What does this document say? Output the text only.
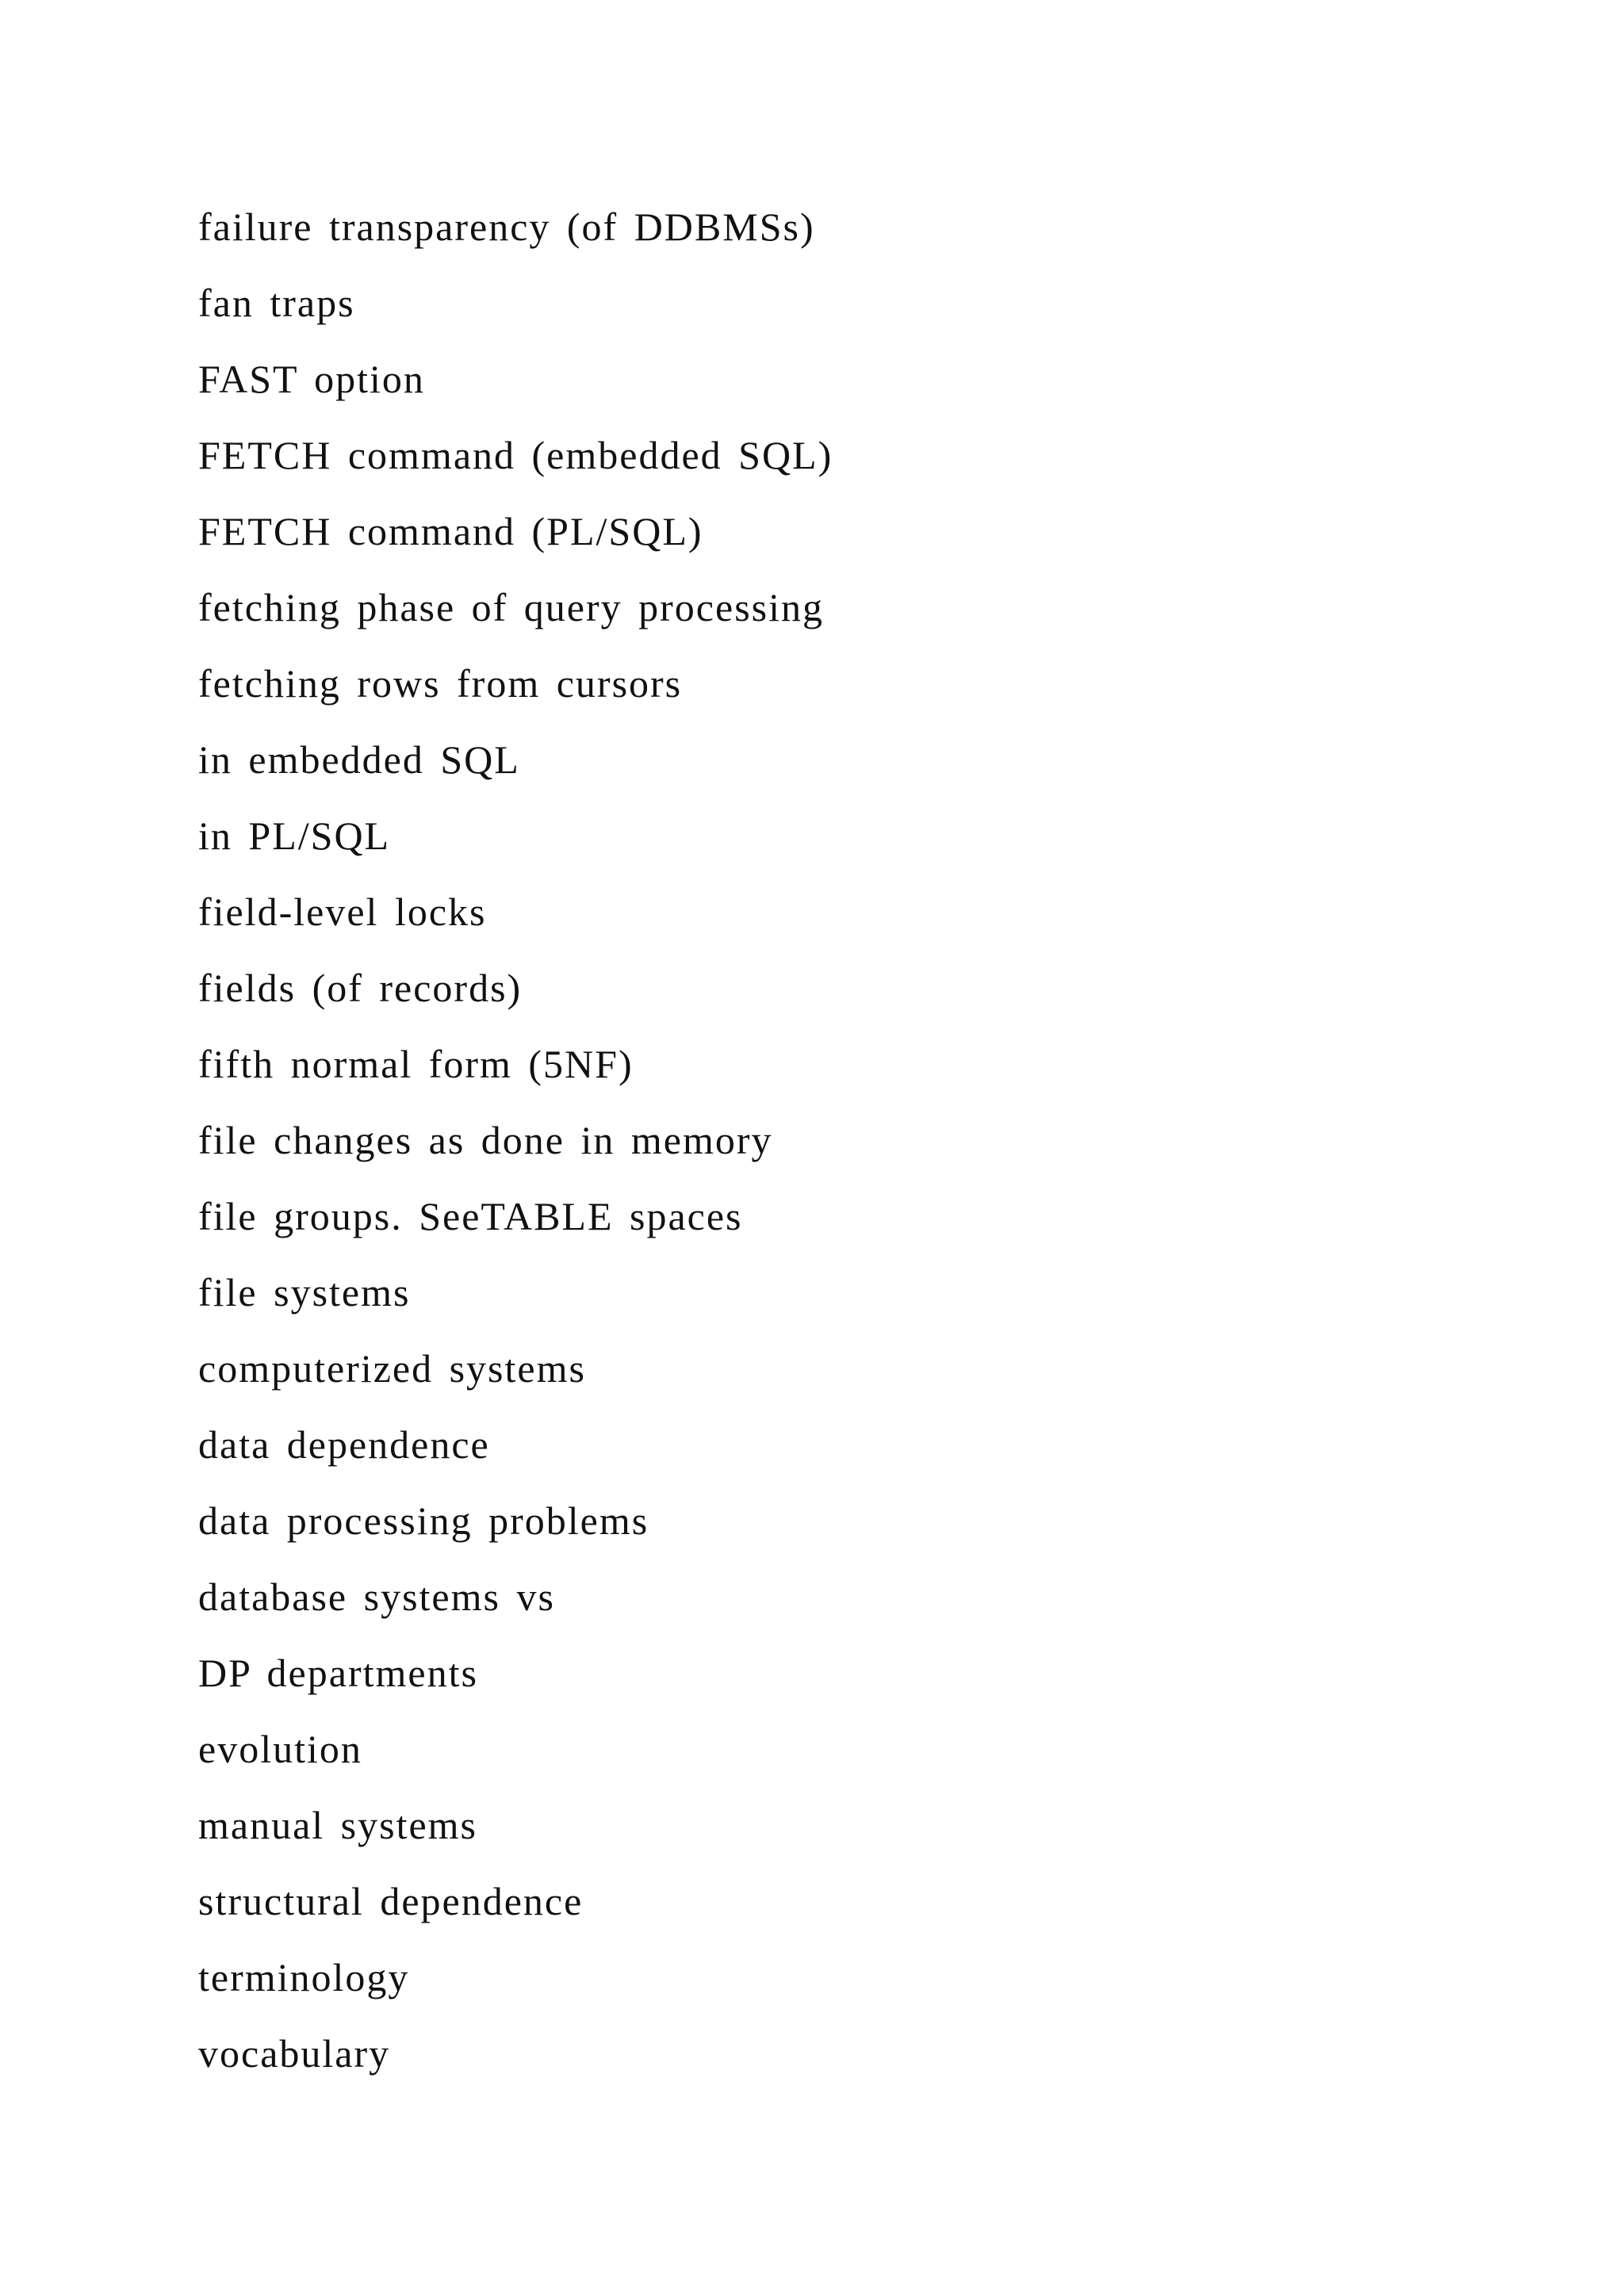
failure transparency (of DDBMSs)
fan traps
FAST option
FETCH command (embedded SQL)
FETCH command (PL/SQL)
fetching phase of query processing
fetching rows from cursors
in embedded SQL
in PL/SQL
field-level locks
fields (of records)
fifth normal form (5NF)
file changes as done in memory
file groups. SeeTABLE spaces
file systems
computerized systems
data dependence
data processing problems
database systems vs
DP departments
evolution
manual systems
structural dependence
terminology
vocabulary
